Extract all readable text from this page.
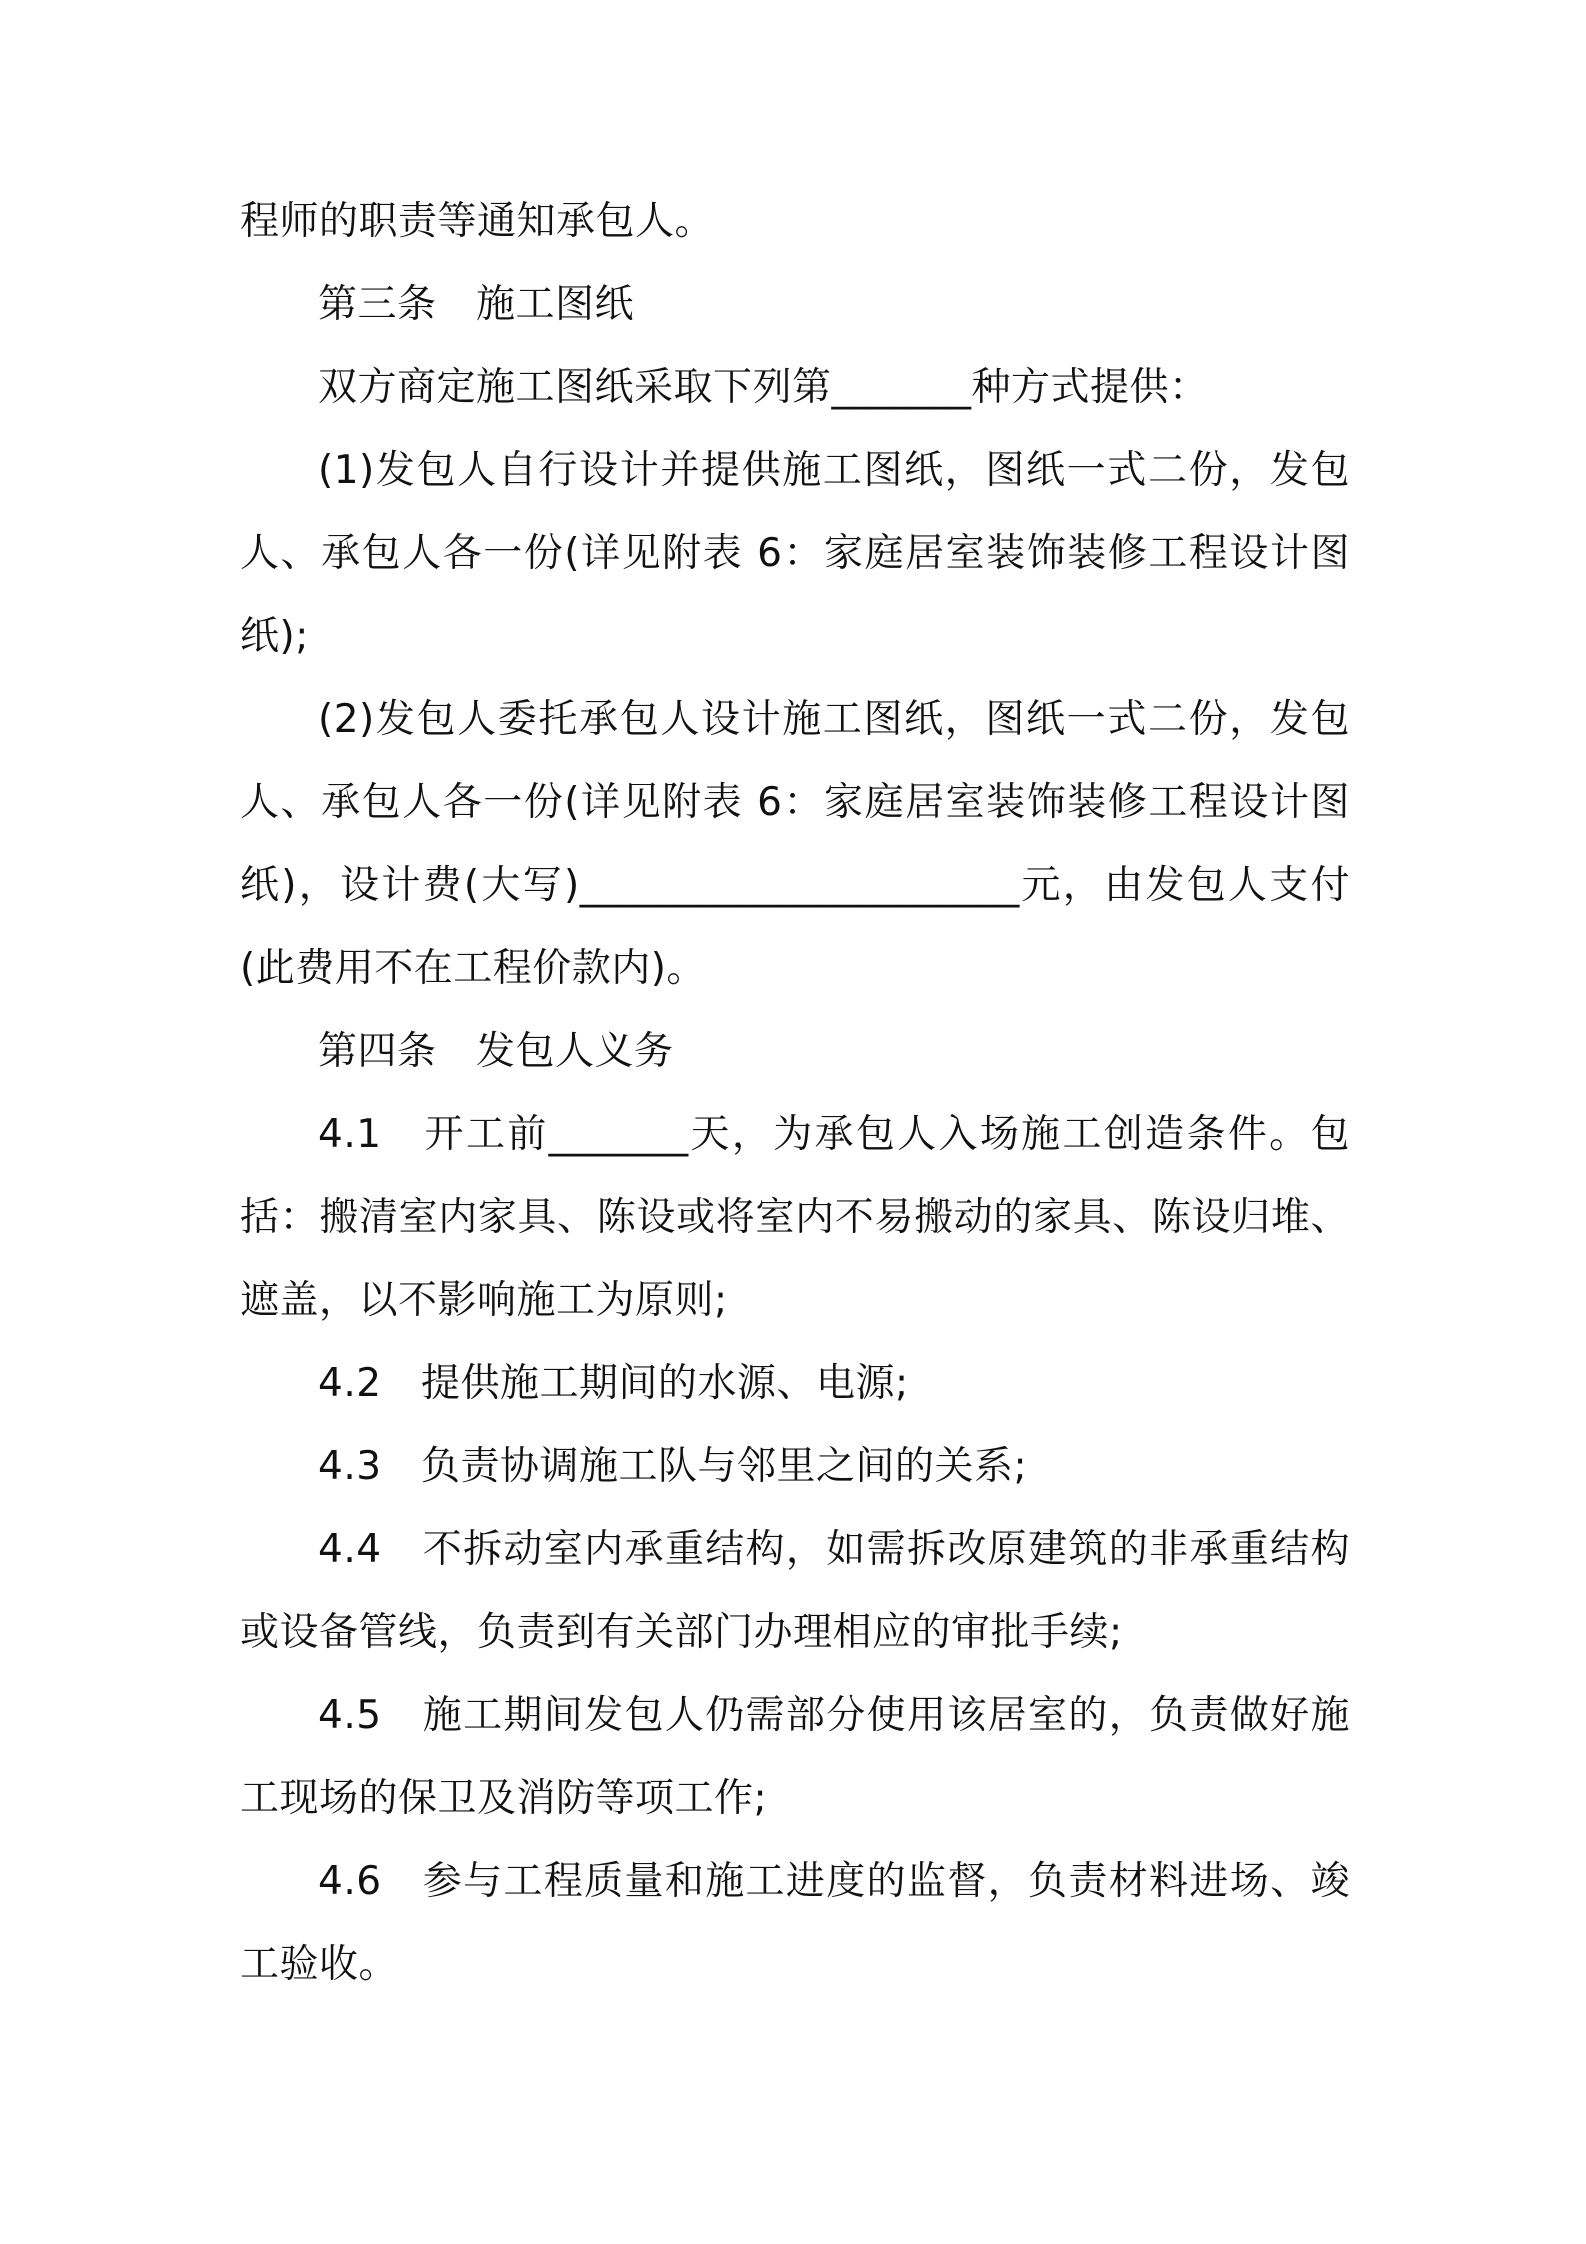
程师的职责等通知承包人。

第三条　施工图纸

双方商定施工图纸采取下列第_______种方式提供：

(1)发包人自行设计并提供施工图纸，图纸一式二份，发包人、承包人各一份(详见附表 6：家庭居室装饰装修工程设计图纸);

(2)发包人委托承包人设计施工图纸，图纸一式二份，发包人、承包人各一份(详见附表 6：家庭居室装饰装修工程设计图纸)，设计费(大写)______________________元，由发包人支付(此费用不在工程价款内)。

第四条　发包人义务

4.1　开工前_______天，为承包人入场施工创造条件。包括：搬清室内家具、陈设或将室内不易搬动的家具、陈设归堆、遮盖，以不影响施工为原则;

4.2　提供施工期间的水源、电源;

4.3　负责协调施工队与邻里之间的关系;

4.4　不拆动室内承重结构，如需拆改原建筑的非承重结构或设备管线，负责到有关部门办理相应的审批手续;

4.5　施工期间发包人仍需部分使用该居室的，负责做好施工现场的保卫及消防等项工作;

4.6　参与工程质量和施工进度的监督，负责材料进场、竣工验收。
